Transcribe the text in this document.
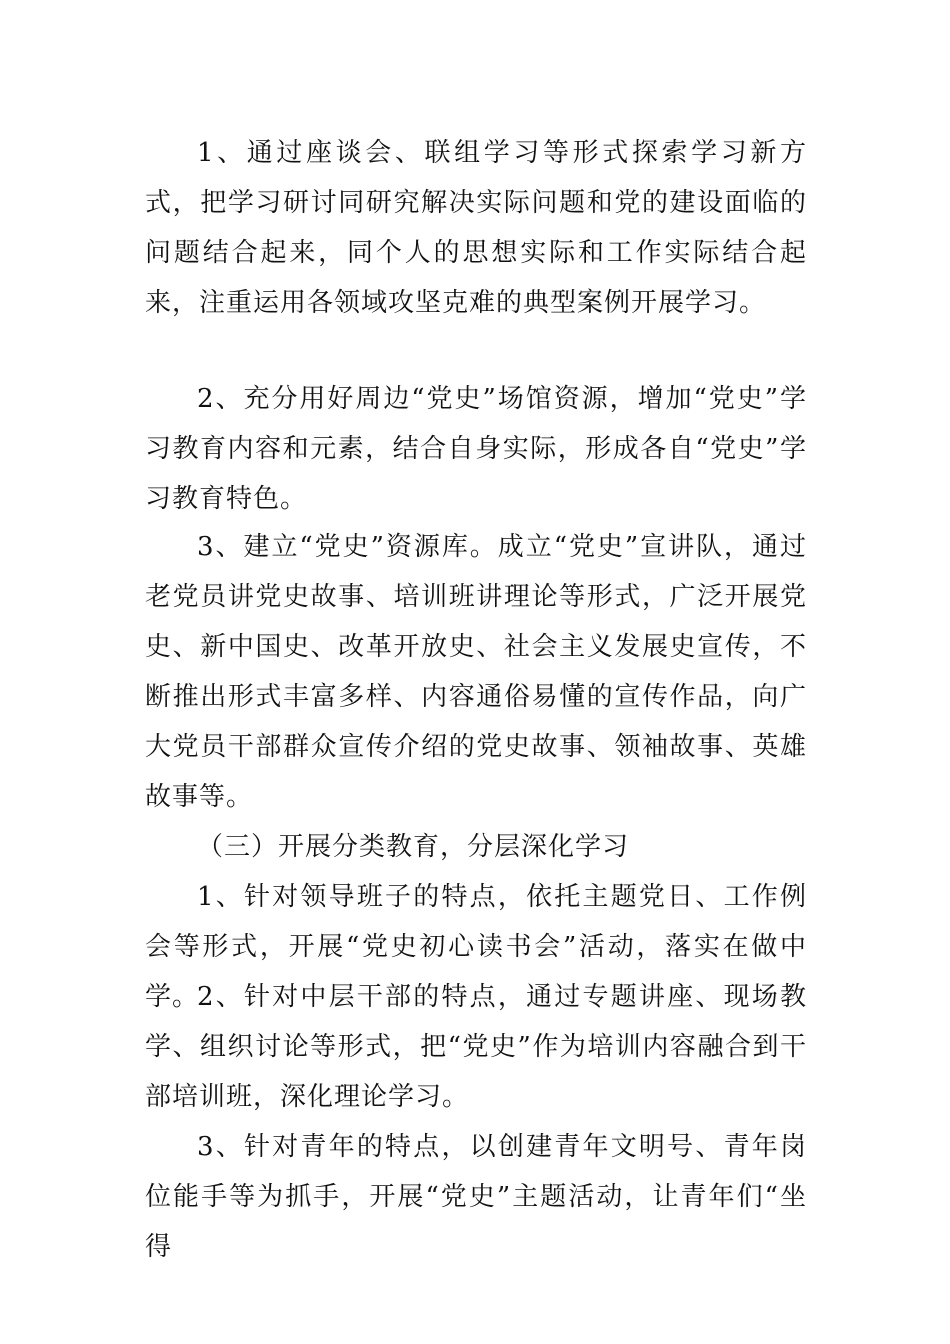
1、通过座谈会、联组学习等形式探索学习新方式，把学习研讨同研究解决实际问题和党的建设面临的问题结合起来，同个人的思想实际和工作实际结合起来，注重运用各领域攻坚克难的典型案例开展学习。

2、充分用好周边“党史”场馆资源，增加“党史”学习教育内容和元素，结合自身实际，形成各自“党史”学习教育特色。

3、建立“党史”资源库。成立“党史”宣讲队，通过老党员讲党史故事、培训班讲理论等形式，广泛开展党史、新中国史、改革开放史、社会主义发展史宣传，不断推出形式丰富多样、内容通俗易懂的宣传作品，向广大党员干部群众宣传介绍的党史故事、领袖故事、英雄故事等。

（三）开展分类教育，分层深化学习

1、针对领导班子的特点，依托主题党日、工作例会等形式，开展“党史初心读书会”活动，落实在做中学。

2、针对中层干部的特点，通过专题讲座、现场教学、组织讨论等形式，把“党史”作为培训内容融合到干部培训班，深化理论学习。

3、针对青年的特点，以创建青年文明号、青年岗位能手等为抓手，开展“党史”主题活动，让青年们“坐得
